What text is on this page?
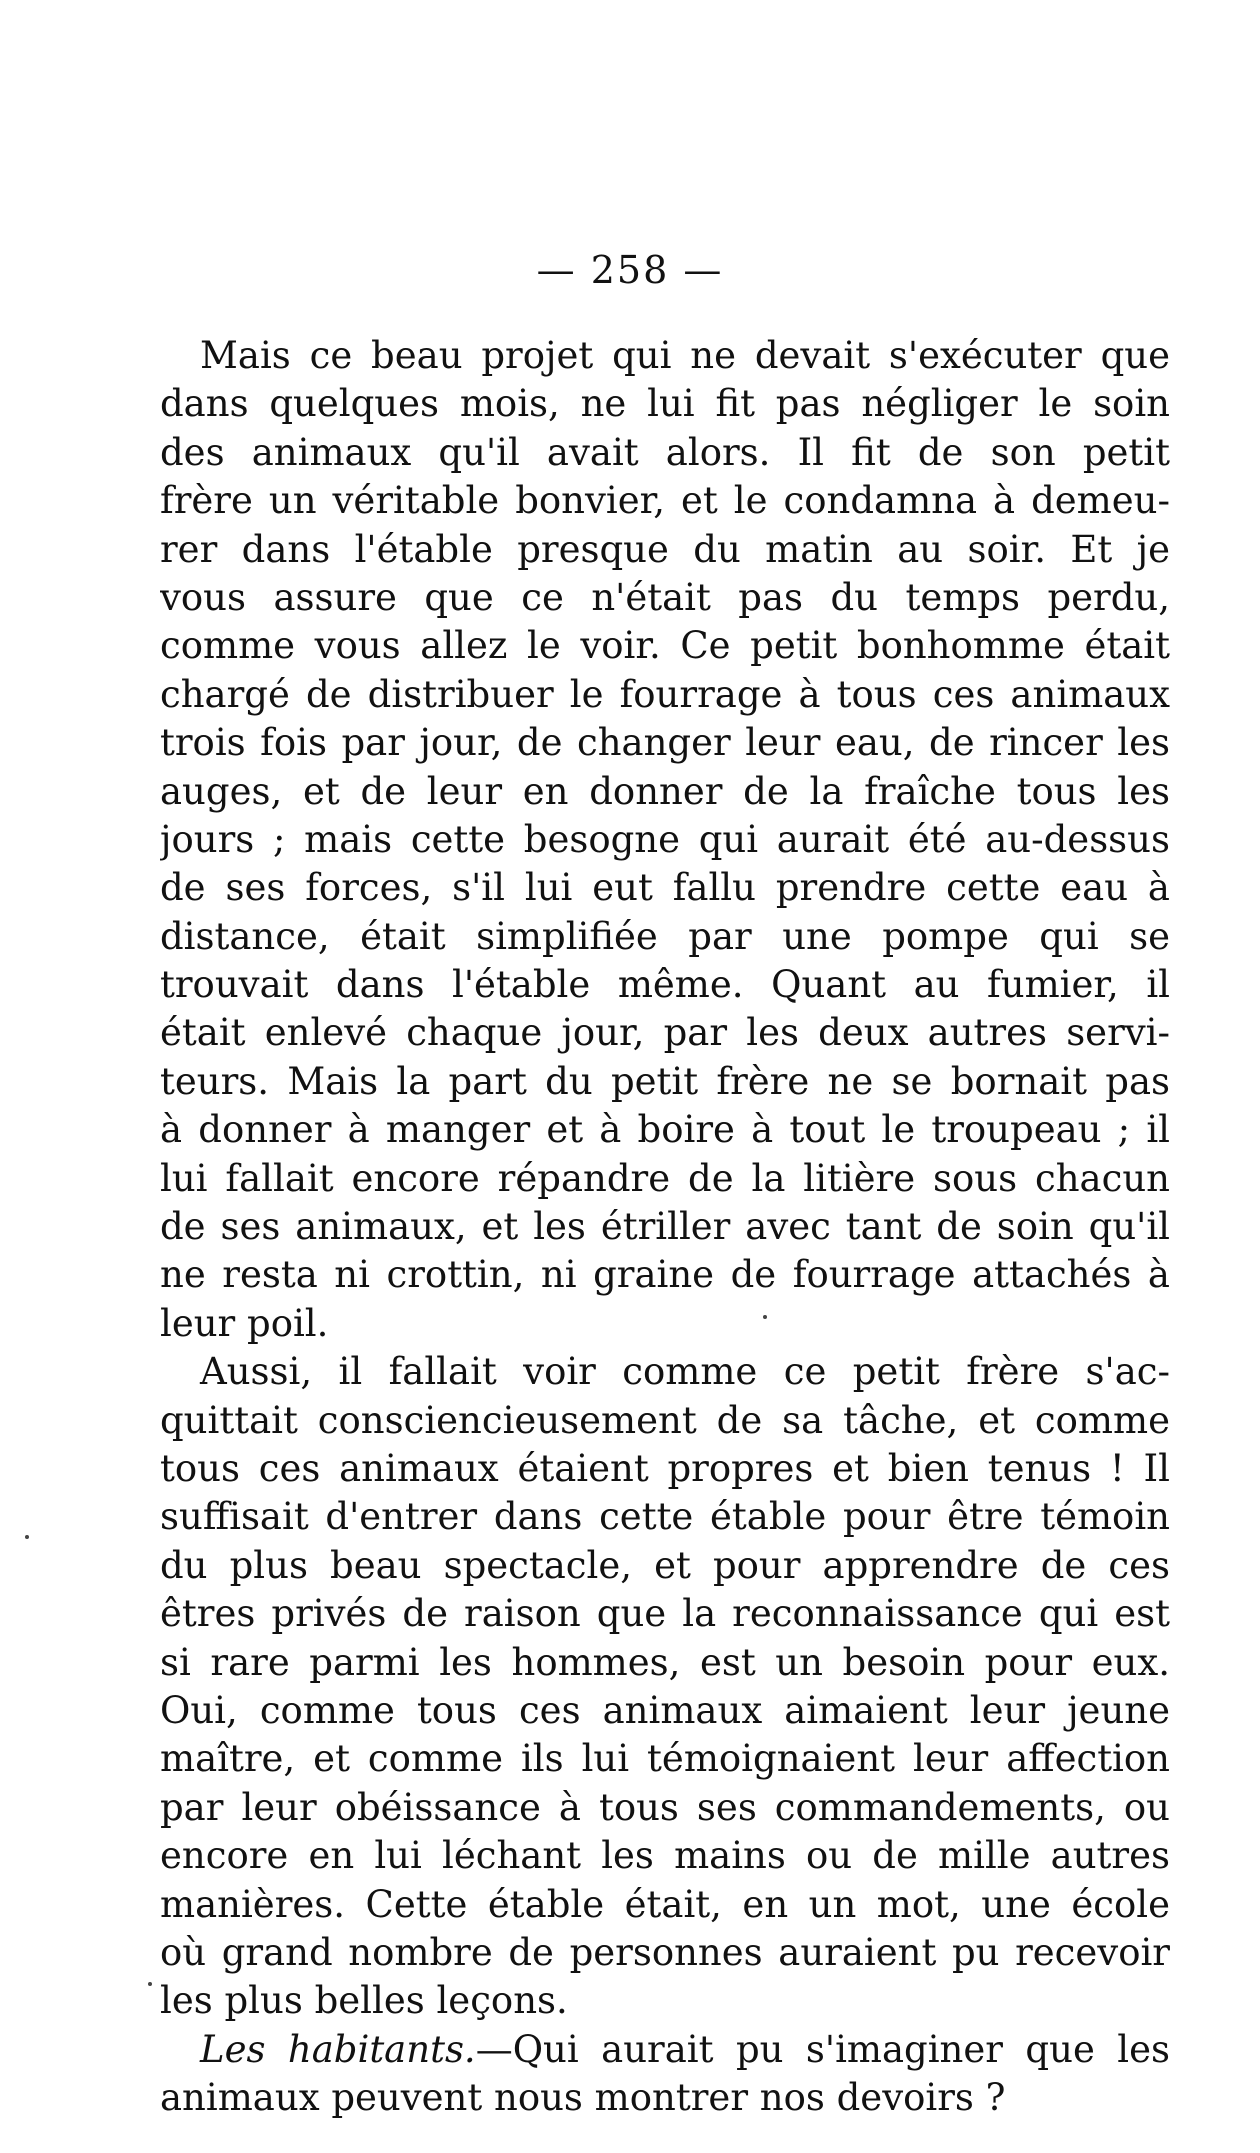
— 258 —
Mais ce beau projet qui ne devait s'exécuter que
dans quelques mois, ne lui fit pas négliger le soin
des animaux qu'il avait alors. Il fit de son petit
frère un véritable bonvier, et le condamna à demeu-
rer dans l'étable presque du matin au soir. Et je
vous assure que ce n'était pas du temps perdu,
comme vous allez le voir. Ce petit bonhomme était
chargé de distribuer le fourrage à tous ces animaux
trois fois par jour, de changer leur eau, de rincer les
auges, et de leur en donner de la fraîche tous les
jours ; mais cette besogne qui aurait été au-dessus
de ses forces, s'il lui eut fallu prendre cette eau à
distance, était simplifiée par une pompe qui se
trouvait dans l'étable même. Quant au fumier, il
était enlevé chaque jour, par les deux autres servi-
teurs. Mais la part du petit frère ne se bornait pas
à donner à manger et à boire à tout le troupeau ; il
lui fallait encore répandre de la litière sous chacun
de ses animaux, et les étriller avec tant de soin qu'il
ne resta ni crottin, ni graine de fourrage attachés à
leur poil.
Aussi, il fallait voir comme ce petit frère s'ac-
quittait consciencieusement de sa tâche, et comme
tous ces animaux étaient propres et bien tenus ! Il
suffisait d'entrer dans cette étable pour être témoin
du plus beau spectacle, et pour apprendre de ces
êtres privés de raison que la reconnaissance qui est
si rare parmi les hommes, est un besoin pour eux.
Oui, comme tous ces animaux aimaient leur jeune
maître, et comme ils lui témoignaient leur affection
par leur obéissance à tous ses commandements, ou
encore en lui léchant les mains ou de mille autres
manières. Cette étable était, en un mot, une école
où grand nombre de personnes auraient pu recevoir
les plus belles leçons.
Les habitants.—Qui aurait pu s'imaginer que les
animaux peuvent nous montrer nos devoirs ?
